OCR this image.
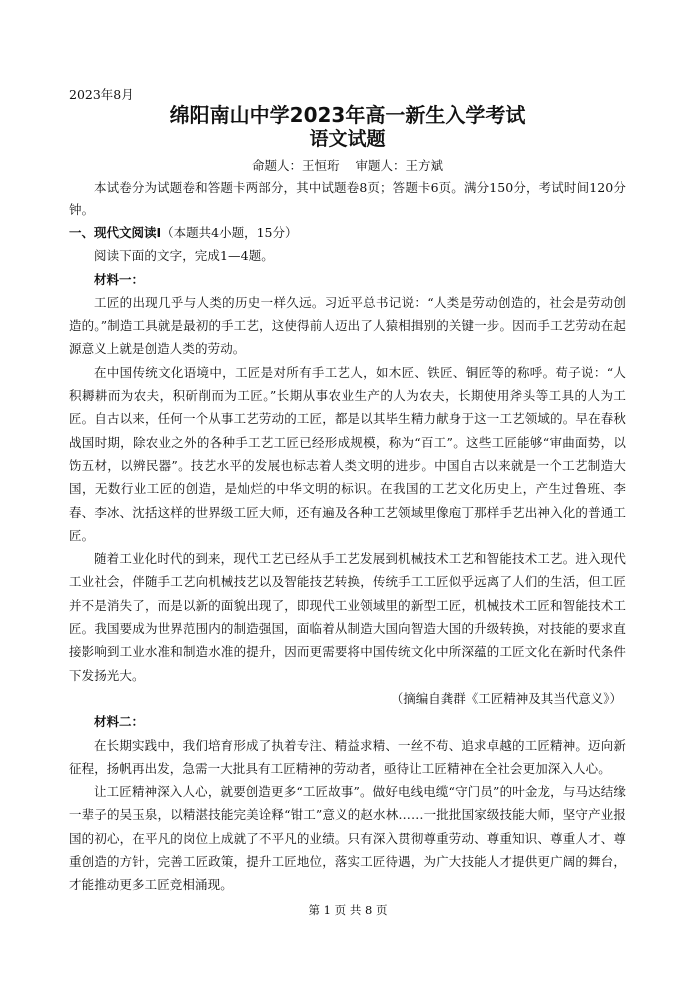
2023年8月
绵阳南山中学2023年高一新生入学考试
语文试题
命题人：王恒珩 审题人：王方斌

本试卷分为试题卷和答题卡两部分，其中试题卷8页；答题卡6页。满分150分，考试时间120分钟。

一、现代文阅读Ⅰ（本题共4小题，15分）

阅读下面的文字，完成1—4题。

材料一：

工匠的出现几乎与人类的历史一样久远。习近平总书记说：“人类是劳动创造的，社会是劳动创造的。”制造工具就是最初的手工艺，这使得前人迈出了人猿相揖别的关键一步。因而手工艺劳动在起源意义上就是创造人类的劳动。

在中国传统文化语境中，工匠是对所有手工艺人，如木匠、铁匠、铜匠等的称呼。荀子说：“人积耨耕而为农夫，积斫削而为工匠。”长期从事农业生产的人为农夫，长期使用斧头等工具的人为工匠。自古以来，任何一个从事工艺劳动的工匠，都是以其毕生精力献身于这一工艺领域的。早在春秋战国时期，除农业之外的各种手工艺工匠已经形成规模，称为“百工”。这些工匠能够“审曲面势，以饬五材，以辨民器”。技艺水平的发展也标志着人类文明的进步。中国自古以来就是一个工艺制造大国，无数行业工匠的创造，是灿烂的中华文明的标识。在我国的工艺文化历史上，产生过鲁班、李春、李冰、沈括这样的世界级工匠大师，还有遍及各种工艺领域里像庖丁那样手艺出神入化的普通工匠。

随着工业化时代的到来，现代工艺已经从手工艺发展到机械技术工艺和智能技术工艺。进入现代工业社会，伴随手工艺向机械技艺以及智能技艺转换，传统手工工匠似乎远离了人们的生活，但工匠并不是消失了，而是以新的面貌出现了，即现代工业领域里的新型工匠，机械技术工匠和智能技术工匠。我国要成为世界范围内的制造强国，面临着从制造大国向智造大国的升级转换，对技能的要求直接影响到工业水准和制造水准的提升，因而更需要将中国传统文化中所深蕴的工匠文化在新时代条件下发扬光大。

（摘编自龚群《工匠精神及其当代意义》）

材料二：

在长期实践中，我们培育形成了执着专注、精益求精、一丝不苟、追求卓越的工匠精神。迈向新征程，扬帆再出发，急需一大批具有工匠精神的劳动者，亟待让工匠精神在全社会更加深入人心。

让工匠精神深入人心，就要创造更多“工匠故事”。做好电线电缆“守门员”的叶金龙，与马达结缘一辈子的吴玉泉，以精湛技能完美诠释“钳工”意义的赵水林……一批批国家级技能大师，坚守产业报国的初心，在平凡的岗位上成就了不平凡的业绩。只有深入贯彻尊重劳动、尊重知识、尊重人才、尊重创造的方针，完善工匠政策，提升工匠地位，落实工匠待遇，为广大技能人才提供更广阔的舞台，才能推动更多工匠竞相涌现。

第 1 页 共 8 页
